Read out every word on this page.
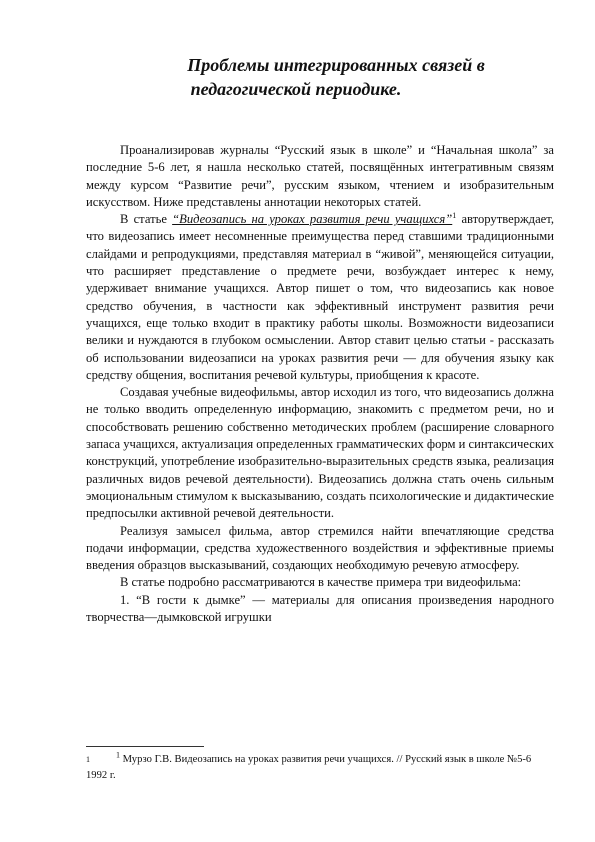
Проблемы интегрированных связей в
педагогической периодике.

Проанализировав журналы “Русский язык в школе” и “Начальная школа” за последние 5-6 лет, я нашла несколько статей, посвящённых интегративным связям между курсом “Развитие речи”, русским языком, чтением и изобразительным искусством. Ниже представлены аннотации некоторых статей.

В статье “Видеозапись на уроках развития речи учащихся”$^1$ авторутверждает, что видеозапись имеет несомненные преимущества перед ставшими традиционными слайдами и репродукциями, представляя материал в “живой”, меняющейся ситуации, что расширяет представление о предмете речи, возбуждает интерес к нему, удерживает внимание учащихся. Автор пишет о том, что видеозапись как новое средство обучения, в частности как эффективный инструмент развития речи учащихся, еще только входит в практику работы школы. Возможности видеозаписи велики и нуждаются в глубоком осмыслении. Автор ставит целью статьи - рассказать об использовании видеозаписи на уроках развития речи — для обучения языку как средству общения, воспитания речевой культуры, приобщения к красоте.

Создавая учебные видеофильмы, автор исходил из того, что видеозапись должна не только вводить определенную информацию, знакомить с предметом речи, но и способствовать решению собственно методических проблем (расширение словарного запаса учащихся, актуализация определенных грамматических форм и синтаксических конструкций, употребление изобразительно-выразительных средств языка, реализация различных видов речевой деятельности). Видеозапись должна стать очень сильным эмоциональным стимулом к высказыванию, создать психологические и дидактические предпосылки активной речевой деятельности.

Реализуя замысел фильма, автор стремился найти впечатляющие средства подачи информации, средства художественного воздействия и эффективные приемы введения образцов высказываний, создающих необходимую речевую атмосферу.

В статье подробно рассматриваются в качестве примера три видеофильма:

1. “В гости к дымке” — материалы для описания произведения народного творчества—дымковской игрушки

$1^1$ Мурзо Г.В. Видеозапись на уроках развития речи учащихся. // Русский язык в школе №5-6 1992 г.
